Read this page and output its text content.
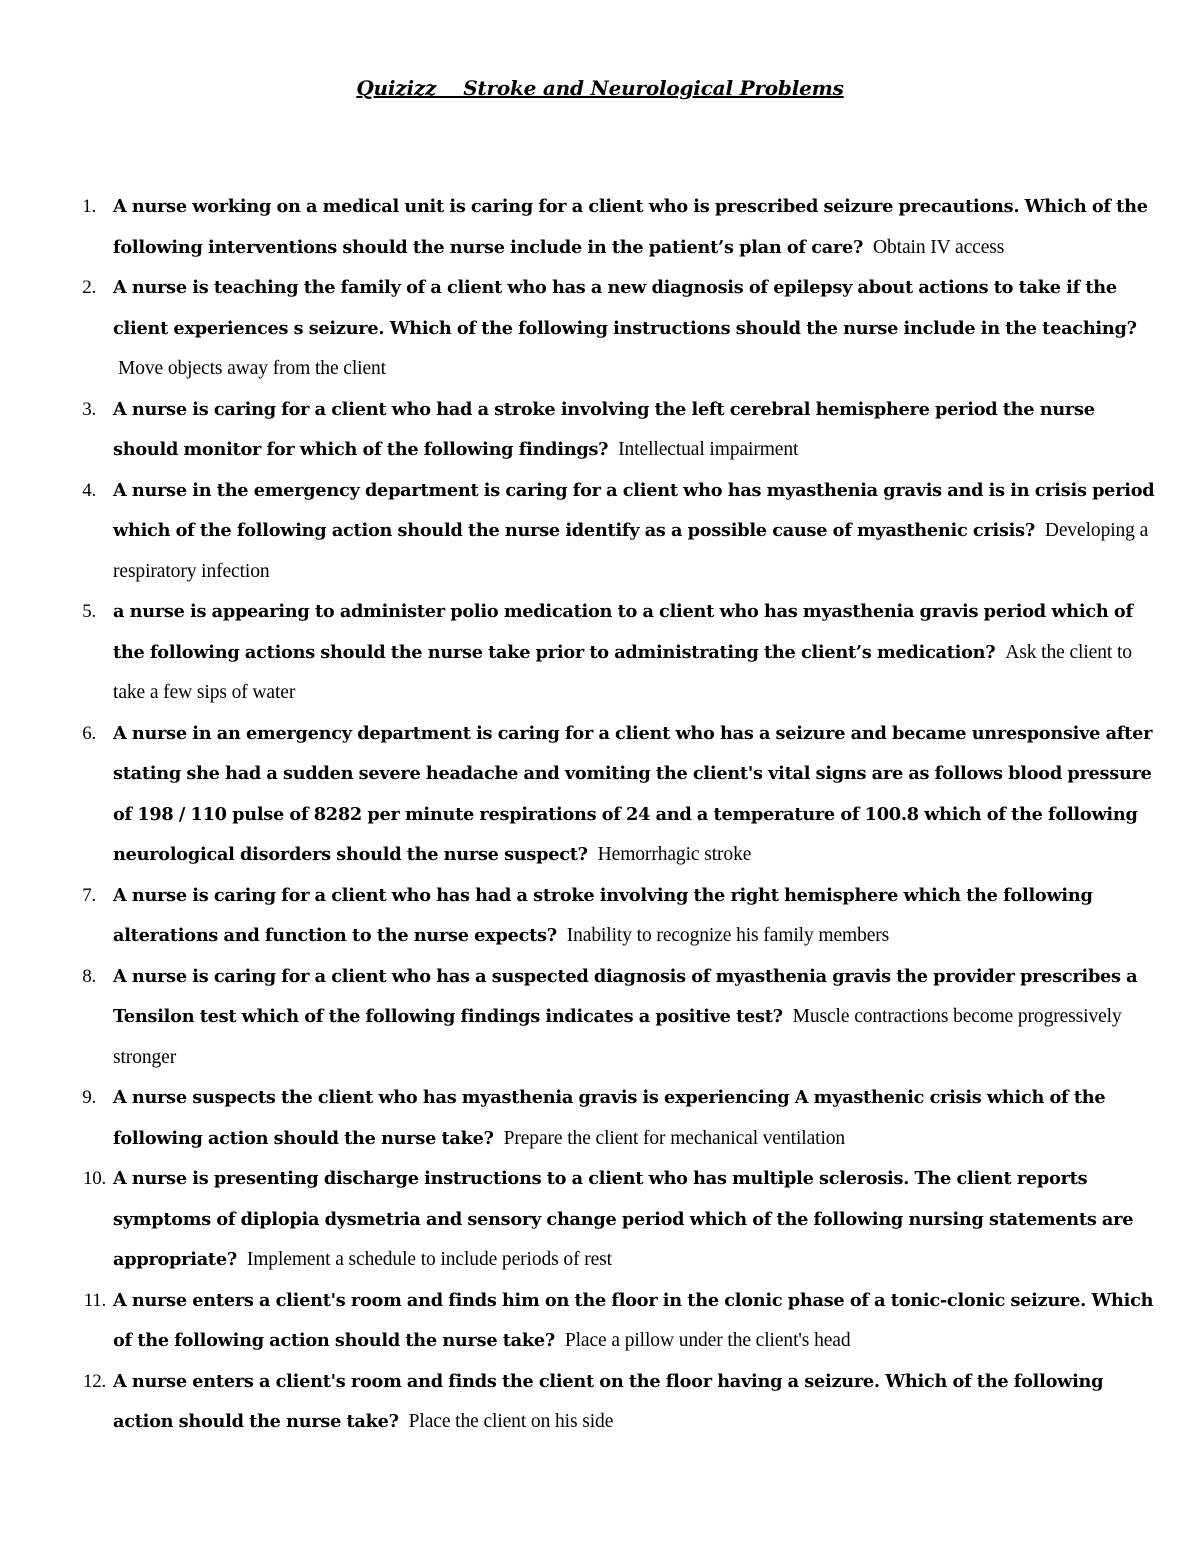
Quizizz    Stroke and Neurological Problems
1. A nurse working on a medical unit is caring for a client who is prescribed seizure precautions. Which of the following interventions should the nurse include in the patient’s plan of care? Obtain IV access
2. A nurse is teaching the family of a client who has a new diagnosis of epilepsy about actions to take if the client experiences s seizure. Which of the following instructions should the nurse include in the teaching? Move objects away from the client
3. A nurse is caring for a client who had a stroke involving the left cerebral hemisphere period the nurse should monitor for which of the following findings? Intellectual impairment
4. A nurse in the emergency department is caring for a client who has myasthenia gravis and is in crisis period which of the following action should the nurse identify as a possible cause of myasthenic crisis? Developing a respiratory infection
5. a nurse is appearing to administer polio medication to a client who has myasthenia gravis period which of the following actions should the nurse take prior to administrating the client’s medication? Ask the client to take a few sips of water
6. A nurse in an emergency department is caring for a client who has a seizure and became unresponsive after stating she had a sudden severe headache and vomiting the client's vital signs are as follows blood pressure of 198 / 110 pulse of 8282 per minute respirations of 24 and a temperature of 100.8 which of the following neurological disorders should the nurse suspect? Hemorrhagic stroke
7. A nurse is caring for a client who has had a stroke involving the right hemisphere which the following alterations and function to the nurse expects? Inability to recognize his family members
8. A nurse is caring for a client who has a suspected diagnosis of myasthenia gravis the provider prescribes a Tensilon test which of the following findings indicates a positive test? Muscle contractions become progressively stronger
9. A nurse suspects the client who has myasthenia gravis is experiencing A myasthenic crisis which of the following action should the nurse take? Prepare the client for mechanical ventilation
10. A nurse is presenting discharge instructions to a client who has multiple sclerosis. The client reports symptoms of diplopia dysmetria and sensory change period which of the following nursing statements are appropriate? Implement a schedule to include periods of rest
11. A nurse enters a client's room and finds him on the floor in the clonic phase of a tonic-clonic seizure. Which of the following action should the nurse take? Place a pillow under the client's head
12. A nurse enters a client's room and finds the client on the floor having a seizure. Which of the following action should the nurse take? Place the client on his side
